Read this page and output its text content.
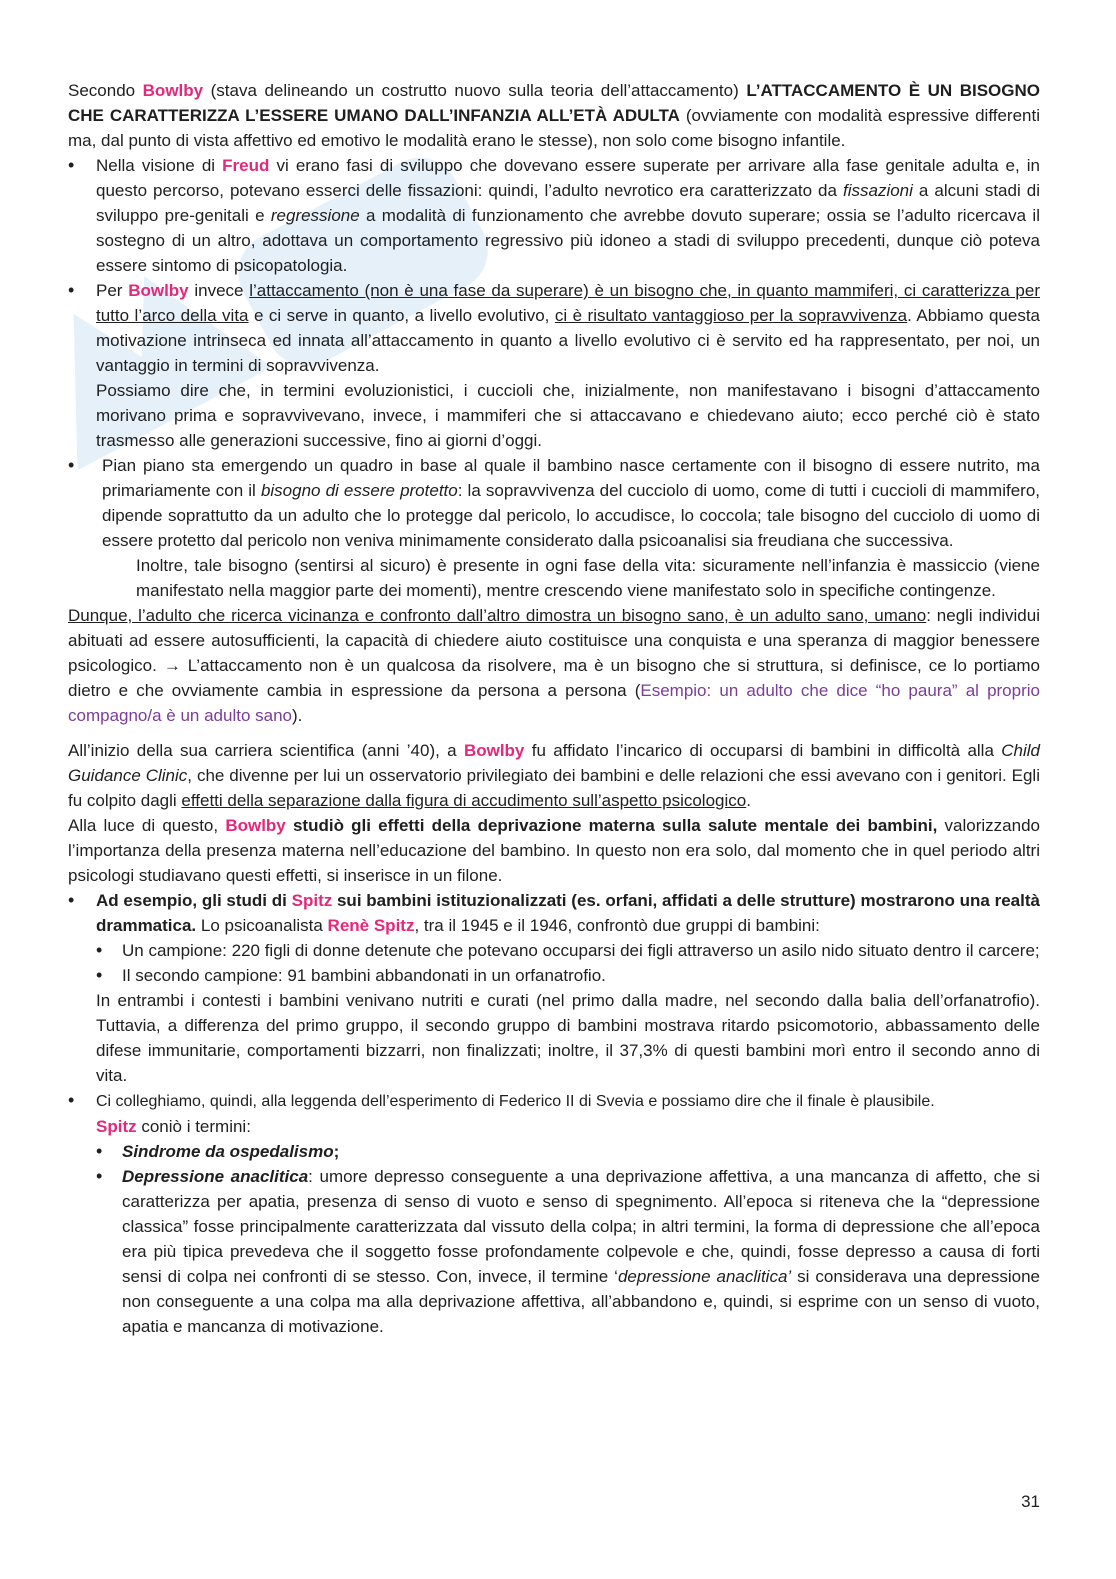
Secondo Bowlby (stava delineando un costrutto nuovo sulla teoria dell’attaccamento) L’ATTACCAMENTO È UN BISOGNO CHE CARATTERIZZA L’ESSERE UMANO DALL’INFANZIA ALL’ETÀ ADULTA (ovviamente con modalità espressive differenti ma, dal punto di vista affettivo ed emotivo le modalità erano le stesse), non solo come bisogno infantile.

• Nella visione di Freud vi erano fasi di sviluppo che dovevano essere superate per arrivare alla fase genitale adulta e, in questo percorso, potevano esserci delle fissazioni: quindi, l’adulto nevrotico era caratterizzato da fissazioni a alcuni stadi di sviluppo pre-genitali e regressione a modalità di funzionamento che avrebbe dovuto superare; ossia se l’adulto ricercava il sostegno di un altro, adottava un comportamento regressivo più idoneo a stadi di sviluppo precedenti, dunque ciò poteva essere sintomo di psicopatologia.
• Per Bowlby invece l’attaccamento (non è una fase da superare) è un bisogno che, in quanto mammiferi, ci caratterizza per tutto l’arco della vita e ci serve in quanto, a livello evolutivo, ci è risultato vantaggioso per la sopravvivenza. Abbiamo questa motivazione intrinseca ed innata all’attaccamento in quanto a livello evolutivo ci è servito ed ha rappresentato, per noi, un vantaggio in termini di sopravvivenza.

Possiamo dire che, in termini evoluzionistici, i cuccioli che, inizialmente, non manifestavano i bisogni d’attaccamento morivano prima e sopravvivevano, invece, i mammiferi che si attaccavano e chiedevano aiuto; ecco perché ciò è stato trasmesso alle generazioni successive, fino ai giorni d’oggi.

• Pian piano sta emergendo un quadro in base al quale il bambino nasce certamente con il bisogno di essere nutrito, ma primariamente con il bisogno di essere protetto: la sopravvivenza del cucciolo di uomo, come di tutti i cuccioli di mammifero, dipende soprattutto da un adulto che lo protegge dal pericolo, lo accudisce, lo coccola; tale bisogno del cucciolo di uomo di essere protetto dal pericolo non veniva minimamente considerato dalla psicoanalisi sia freudiana che successiva.

Inoltre, tale bisogno (sentirsi al sicuro) è presente in ogni fase della vita: sicuramente nell’infanzia è massiccio (viene manifestato nella maggior parte dei momenti), mentre crescendo viene manifestato solo in specifiche contingenze.

Dunque, l’adulto che ricerca vicinanza e confronto dall’altro dimostra un bisogno sano, è un adulto sano, umano: negli individui abituati ad essere autosufficienti, la capacità di chiedere aiuto costituisce una conquista e una speranza di maggior benessere psicologico. → L’attaccamento non è un qualcosa da risolvere, ma è un bisogno che si struttura, si definisce, ce lo portiamo dietro e che ovviamente cambia in espressione da persona a persona (Esempio: un adulto che dice “ho paura” al proprio compagno/a è un adulto sano).

All’inizio della sua carriera scientifica (anni ’40), a Bowlby fu affidato l’incarico di occuparsi di bambini in difficoltà alla Child Guidance Clinic, che divenne per lui un osservatorio privilegiato dei bambini e delle relazioni che essi avevano con i genitori. Egli fu colpito dagli effetti della separazione dalla figura di accudimento sull’aspetto psicologico.

Alla luce di questo, Bowlby studiò gli effetti della deprivazione materna sulla salute mentale dei bambini, valorizzando l’importanza della presenza materna nell’educazione del bambino. In questo non era solo, dal momento che in quel periodo altri psicologi studiavano questi effetti, si inserisce in un filone.

• Ad esempio, gli studi di Spitz sui bambini istituzionalizzati (es. orfani, affidati a delle strutture) mostrarono una realtà drammatica. Lo psicoanalista Renè Spitz, tra il 1945 e il 1946, confrontò due gruppi di bambini:
• Un campione: 220 figli di donne detenute che potevano occuparsi dei figli attraverso un asilo nido situato dentro il carcere;
• Il secondo campione: 91 bambini abbandonati in un orfanatrofio.

In entrambi i contesti i bambini venivano nutriti e curati (nel primo dalla madre, nel secondo dalla balia dell’orfanatrofio). Tuttavia, a differenza del primo gruppo, il secondo gruppo di bambini mostrava ritardo psicomotorio, abbassamento delle difese immunitarie, comportamenti bizzarri, non finalizzati; inoltre, il 37,3% di questi bambini morì entro il secondo anno di vita.

• Ci colleghiamo, quindi, alla leggenda dell’esperimento di Federico II di Svevia e possiamo dire che il finale è plausibile.
Spitz coniò i termini:
• Sindrome da ospedalismo;
• Depressione anaclitica: umore depresso conseguente a una deprivazione affettiva, a una mancanza di affetto, che si caratterizza per apatia, presenza di senso di vuoto e senso di spegnimento. All’epoca si riteneva che la “depressione classica” fosse principalmente caratterizzata dal vissuto della colpa; in altri termini, la forma di depressione che all’epoca era più tipica prevedeva che il soggetto fosse profondamente colpevole e che, quindi, fosse depresso a causa di forti sensi di colpa nei confronti di se stesso. Con, invece, il termine ‘depressione anaclitica’ si considerava una depressione non conseguente a una colpa ma alla deprivazione affettiva, all’abbandono e, quindi, si esprime con un senso di vuoto, apatia e mancanza di motivazione.
31
